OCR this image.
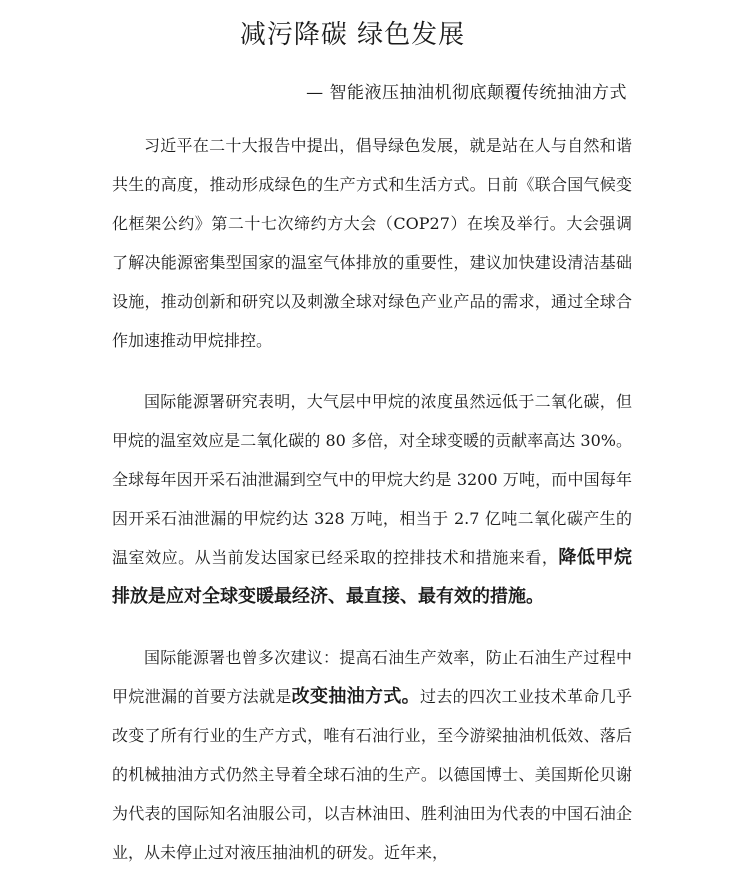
减污降碳 绿色发展
— 智能液压抽油机彻底颠覆传统抽油方式

习近平在二十大报告中提出，倡导绿色发展，就是站在人与自然和谐共生的高度，推动形成绿色的生产方式和生活方式。日前《联合国气候变化框架公约》第二十七次缔约方大会（COP27）在埃及举行。大会强调了解决能源密集型国家的温室气体排放的重要性，建议加快建设清洁基础设施，推动创新和研究以及刺激全球对绿色产业产品的需求，通过全球合作加速推动甲烷排控。

国际能源署研究表明，大气层中甲烷的浓度虽然远低于二氧化碳，但甲烷的温室效应是二氧化碳的 80 多倍，对全球变暖的贡献率高达 30%。全球每年因开采石油泄漏到空气中的甲烷大约是 3200 万吨，而中国每年因开采石油泄漏的甲烷约达 328 万吨，相当于 2.7 亿吨二氧化碳产生的温室效应。从当前发达国家已经采取的控排技术和措施来看，降低甲烷排放是应对全球变暖最经济、最直接、最有效的措施。

国际能源署也曾多次建议：提高石油生产效率，防止石油生产过程中甲烷泄漏的首要方法就是改变抽油方式。过去的四次工业技术革命几乎改变了所有行业的生产方式，唯有石油行业，至今游梁抽油机低效、落后的机械抽油方式仍然主导着全球石油的生产。以德国博士、美国斯伦贝谢为代表的国际知名油服公司，以吉林油田、胜利油田为代表的中国石油企业，从未停止过对液压抽油机的研发。近年来，
